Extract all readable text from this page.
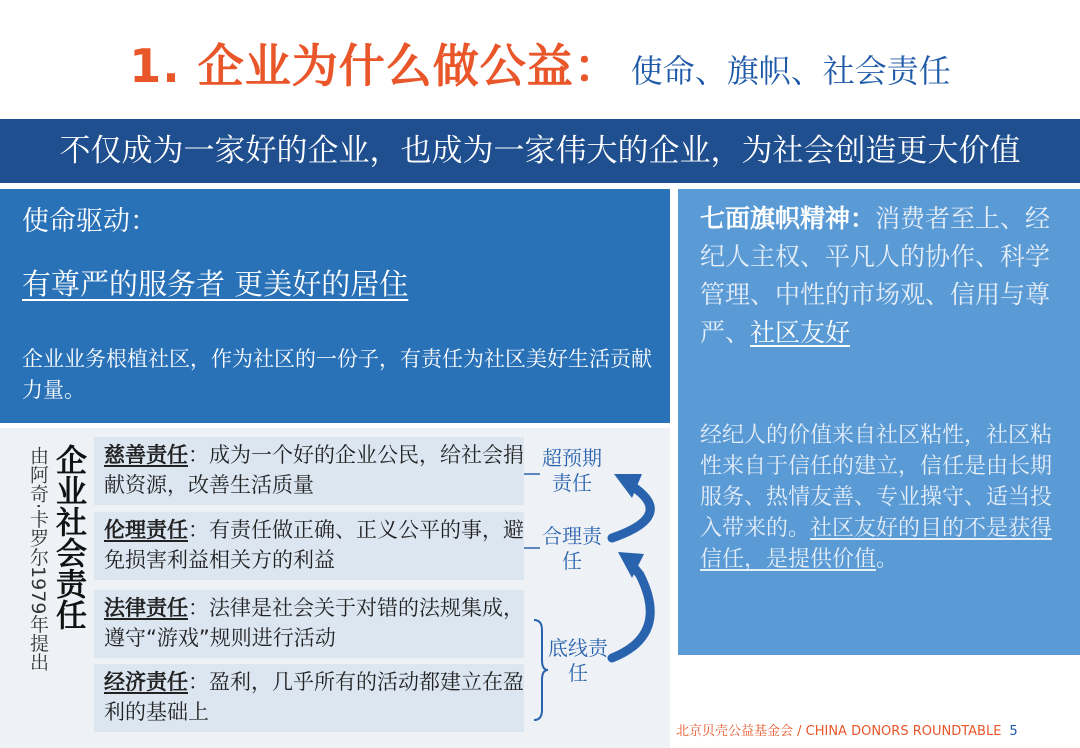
1. 企业为什么做公益： 使命、旗帜、社会责任
不仅成为一家好的企业，也成为一家伟大的企业，为社会创造更大价值
使命驱动：
有尊严的服务者 更美好的居住
企业业务根植社区，作为社区的一份子，有责任为社区美好生活贡献力量。
七面旗帜精神：消费者至上、经纪人主权、平凡人的协作、科学管理、中性的市场观、信用与尊严、社区友好
经纪人的价值来自社区粘性，社区粘性来自于信任的建立，信任是由长期服务、热情友善、专业操守、适当投入带来的。社区友好的目的不是获得信任，是提供价值。
由阿奇·卡罗尔1979年提出 企业社会责任 慈善责任：成为一个好的企业公民，给社会捐献资源，改善生活质量
伦理责任：有责任做正确、正义公平的事，避免损害利益相关方的利益
法律责任：法律是社会关于对错的法规集成，遵守“游戏”规则进行活动
经济责任：盈利，几乎所有的活动都建立在盈利的基础上
超预期责任
合理责任
底线责任
北京贝壳公益基金会 / CHINA DONORS ROUNDTABLE 5
